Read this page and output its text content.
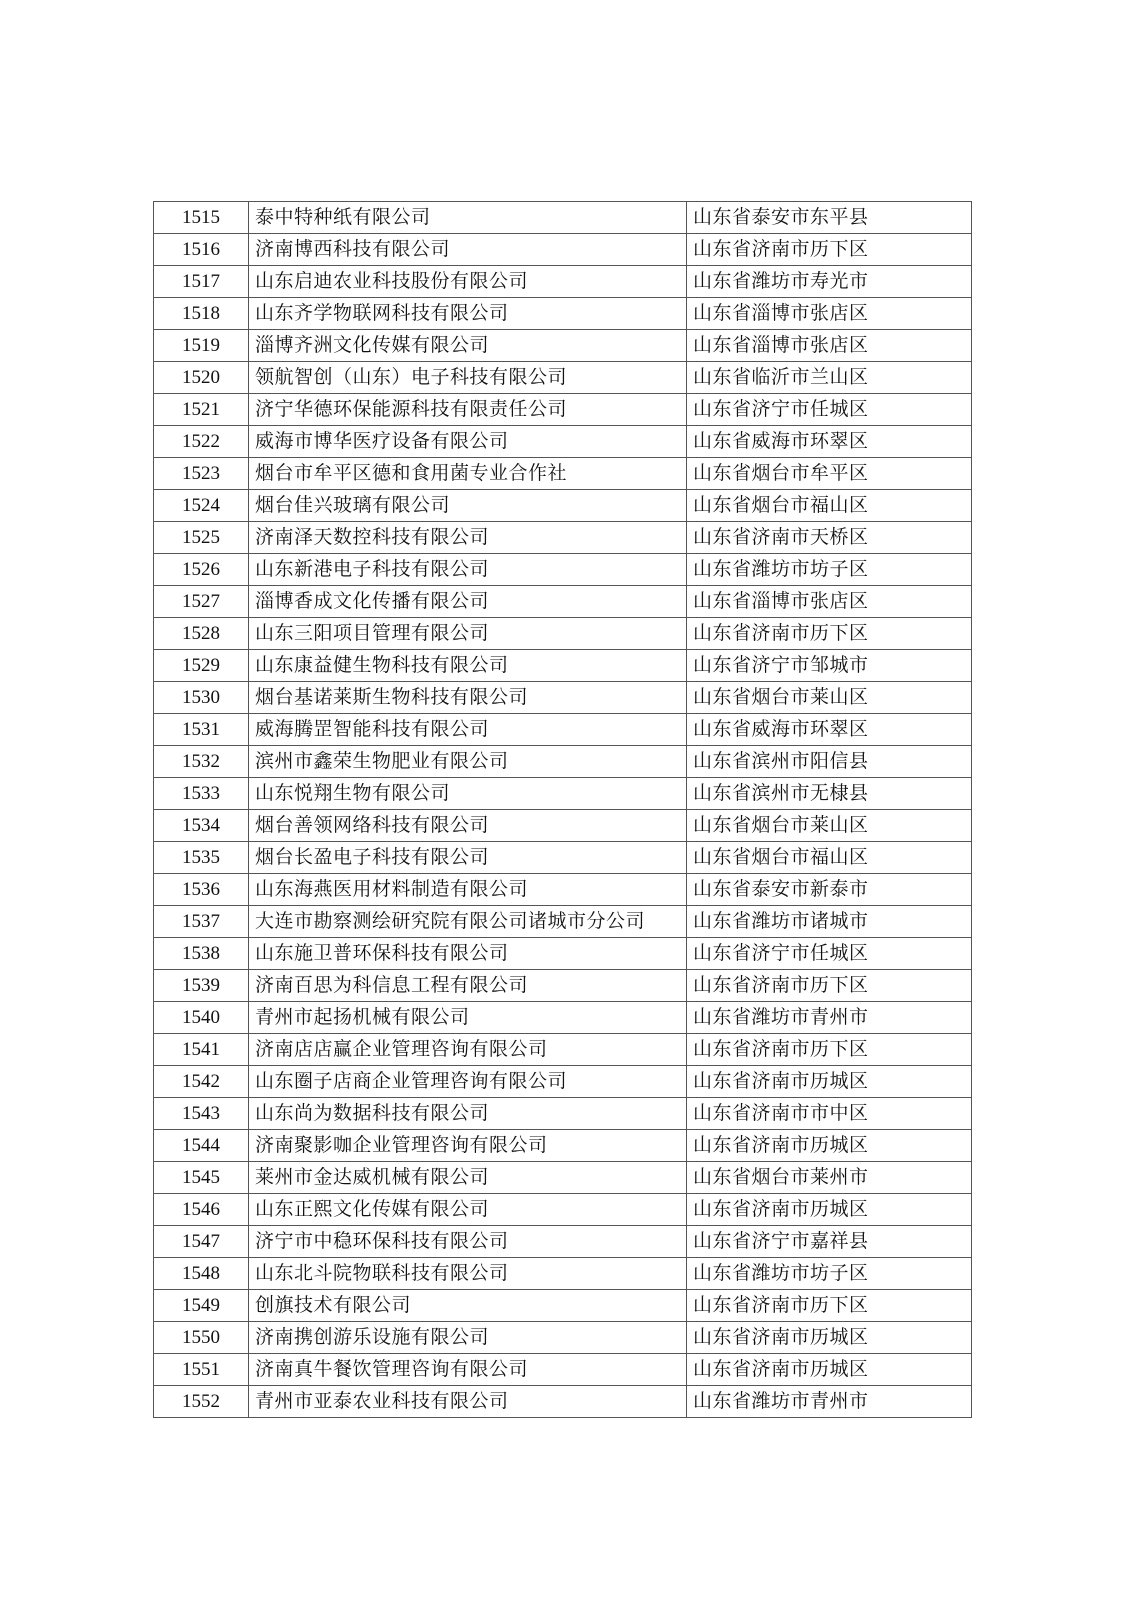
1515	泰中特种纸有限公司	山东省泰安市东平县
1516	济南博西科技有限公司	山东省济南市历下区
1517	山东启迪农业科技股份有限公司	山东省潍坊市寿光市
1518	山东齐学物联网科技有限公司	山东省淄博市张店区
1519	淄博齐洲文化传媒有限公司	山东省淄博市张店区
1520	领航智创（山东）电子科技有限公司	山东省临沂市兰山区
1521	济宁华德环保能源科技有限责任公司	山东省济宁市任城区
1522	威海市博华医疗设备有限公司	山东省威海市环翠区
1523	烟台市牟平区德和食用菌专业合作社	山东省烟台市牟平区
1524	烟台佳兴玻璃有限公司	山东省烟台市福山区
1525	济南泽天数控科技有限公司	山东省济南市天桥区
1526	山东新港电子科技有限公司	山东省潍坊市坊子区
1527	淄博香成文化传播有限公司	山东省淄博市张店区
1528	山东三阳项目管理有限公司	山东省济南市历下区
1529	山东康益健生物科技有限公司	山东省济宁市邹城市
1530	烟台基诺莱斯生物科技有限公司	山东省烟台市莱山区
1531	威海腾罡智能科技有限公司	山东省威海市环翠区
1532	滨州市鑫荣生物肥业有限公司	山东省滨州市阳信县
1533	山东悦翔生物有限公司	山东省滨州市无棣县
1534	烟台善领网络科技有限公司	山东省烟台市莱山区
1535	烟台长盈电子科技有限公司	山东省烟台市福山区
1536	山东海燕医用材料制造有限公司	山东省泰安市新泰市
1537	大连市勘察测绘研究院有限公司诸城市分公司	山东省潍坊市诸城市
1538	山东施卫普环保科技有限公司	山东省济宁市任城区
1539	济南百思为科信息工程有限公司	山东省济南市历下区
1540	青州市起扬机械有限公司	山东省潍坊市青州市
1541	济南店店赢企业管理咨询有限公司	山东省济南市历下区
1542	山东圈子店商企业管理咨询有限公司	山东省济南市历城区
1543	山东尚为数据科技有限公司	山东省济南市市中区
1544	济南聚影咖企业管理咨询有限公司	山东省济南市历城区
1545	莱州市金达威机械有限公司	山东省烟台市莱州市
1546	山东正熙文化传媒有限公司	山东省济南市历城区
1547	济宁市中稳环保科技有限公司	山东省济宁市嘉祥县
1548	山东北斗院物联科技有限公司	山东省潍坊市坊子区
1549	创旗技术有限公司	山东省济南市历下区
1550	济南携创游乐设施有限公司	山东省济南市历城区
1551	济南真牛餐饮管理咨询有限公司	山东省济南市历城区
1552	青州市亚泰农业科技有限公司	山东省潍坊市青州市
